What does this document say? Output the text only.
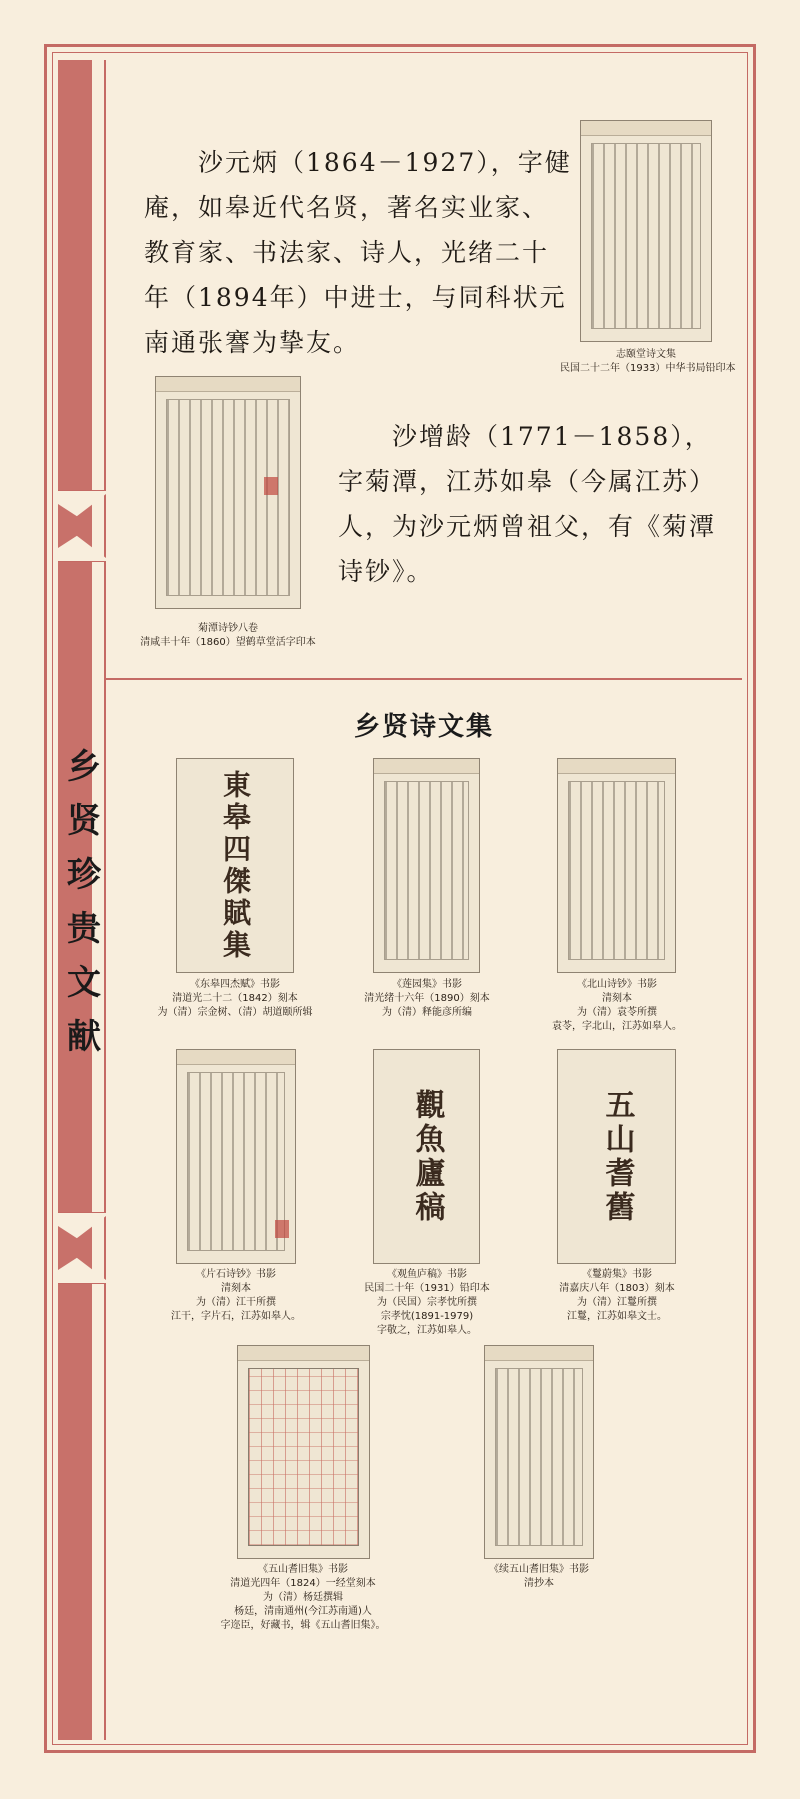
乡
贤
珍
贵
文
献

沙元炳（1864－1927），字健庵，如皋近代名贤，著名实业家、教育家、书法家、诗人，光绪二十年（1894年）中进士，与同科状元南通张謇为挚友。	志颐堂诗文集
民国二十二年（1933）中华书局铅印本
菊潭诗钞八卷
清咸丰十年（1860）望鹤草堂活字印本

沙增龄（1771－1858），字菊潭，江苏如皋（今属江苏）人，为沙元炳曾祖父，有《菊潭诗钞》。

乡贤诗文集
東皋四傑賦集
《东皋四杰赋》书影
清道光二十二（1842）刻本
为（清）宗金树、（清）胡道颐所辑
《莲园集》书影
清光绪十六年（1890）刻本
为（清）释能彦所编
《北山诗钞》书影
清刻本
为（清）袁苓所撰
袁苓，字北山，江苏如皋人。
《片石诗钞》书影
清刻本
为（清）江干所撰
江干，字片石，江苏如皋人。
觀魚廬稿
《观鱼庐稿》书影
民国二十年（1931）铅印本
为（民国）宗孝忱所撰
宗孝忱(1891-1979)
字敬之，江苏如皋人。
五山耆舊
《鬘蔚集》书影
清嘉庆八年（1803）刻本
为（清）江鬘所撰
江鬘，江苏如皋文士。
《五山耆旧集》书影
清道光四年（1824）一经堂刻本
为（清）杨廷撰辑
杨廷，清南通州(今江苏南通)人
字迩臣，好藏书，辑《五山耆旧集》。
《续五山耆旧集》书影
清抄本
